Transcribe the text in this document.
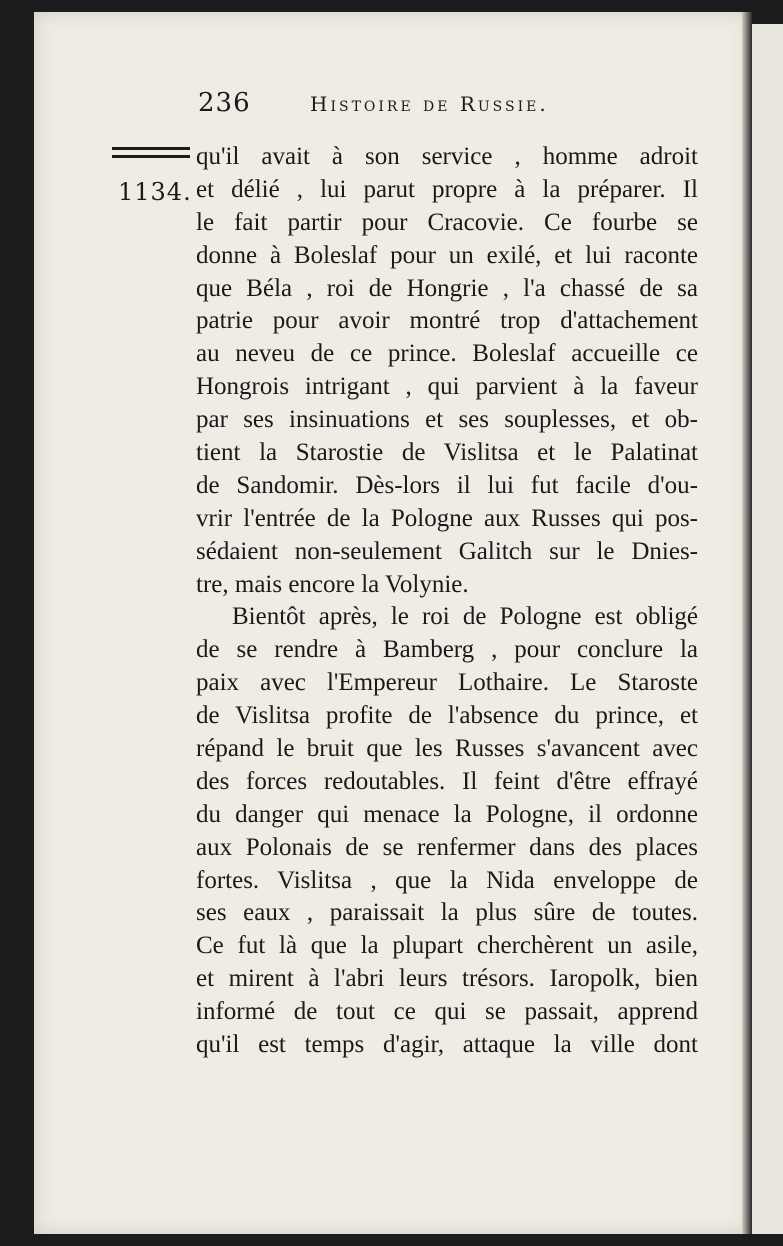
236	Histoire de Russie.
1134.
qu'il avait à son service , homme adroit
et délié , lui parut propre à la préparer. Il
le fait partir pour Cracovie. Ce fourbe se
donne à Boleslaf pour un exilé, et lui raconte
que Béla , roi de Hongrie , l'a chassé de sa
patrie pour avoir montré trop d'attachement
au neveu de ce prince. Boleslaf accueille ce
Hongrois intrigant , qui parvient à la faveur
par ses insinuations et ses souplesses, et ob-
tient la Starostie de Vislitsa et le Palatinat
de Sandomir. Dès-lors il lui fut facile d'ou-
vrir l'entrée de la Pologne aux Russes qui pos-
sédaient non-seulement Galitch sur le Dnies-
tre, mais encore la Volynie.
Bientôt après, le roi de Pologne est obligé
de se rendre à Bamberg , pour conclure la
paix avec l'Empereur Lothaire. Le Staroste
de Vislitsa profite de l'absence du prince, et
répand le bruit que les Russes s'avancent avec
des forces redoutables. Il feint d'être effrayé
du danger qui menace la Pologne, il ordonne
aux Polonais de se renfermer dans des places
fortes. Vislitsa , que la Nida enveloppe de
ses eaux , paraissait la plus sûre de toutes.
Ce fut là que la plupart cherchèrent un asile,
et mirent à l'abri leurs trésors. Iaropolk, bien
informé de tout ce qui se passait, apprend
qu'il est temps d'agir, attaque la ville dont
